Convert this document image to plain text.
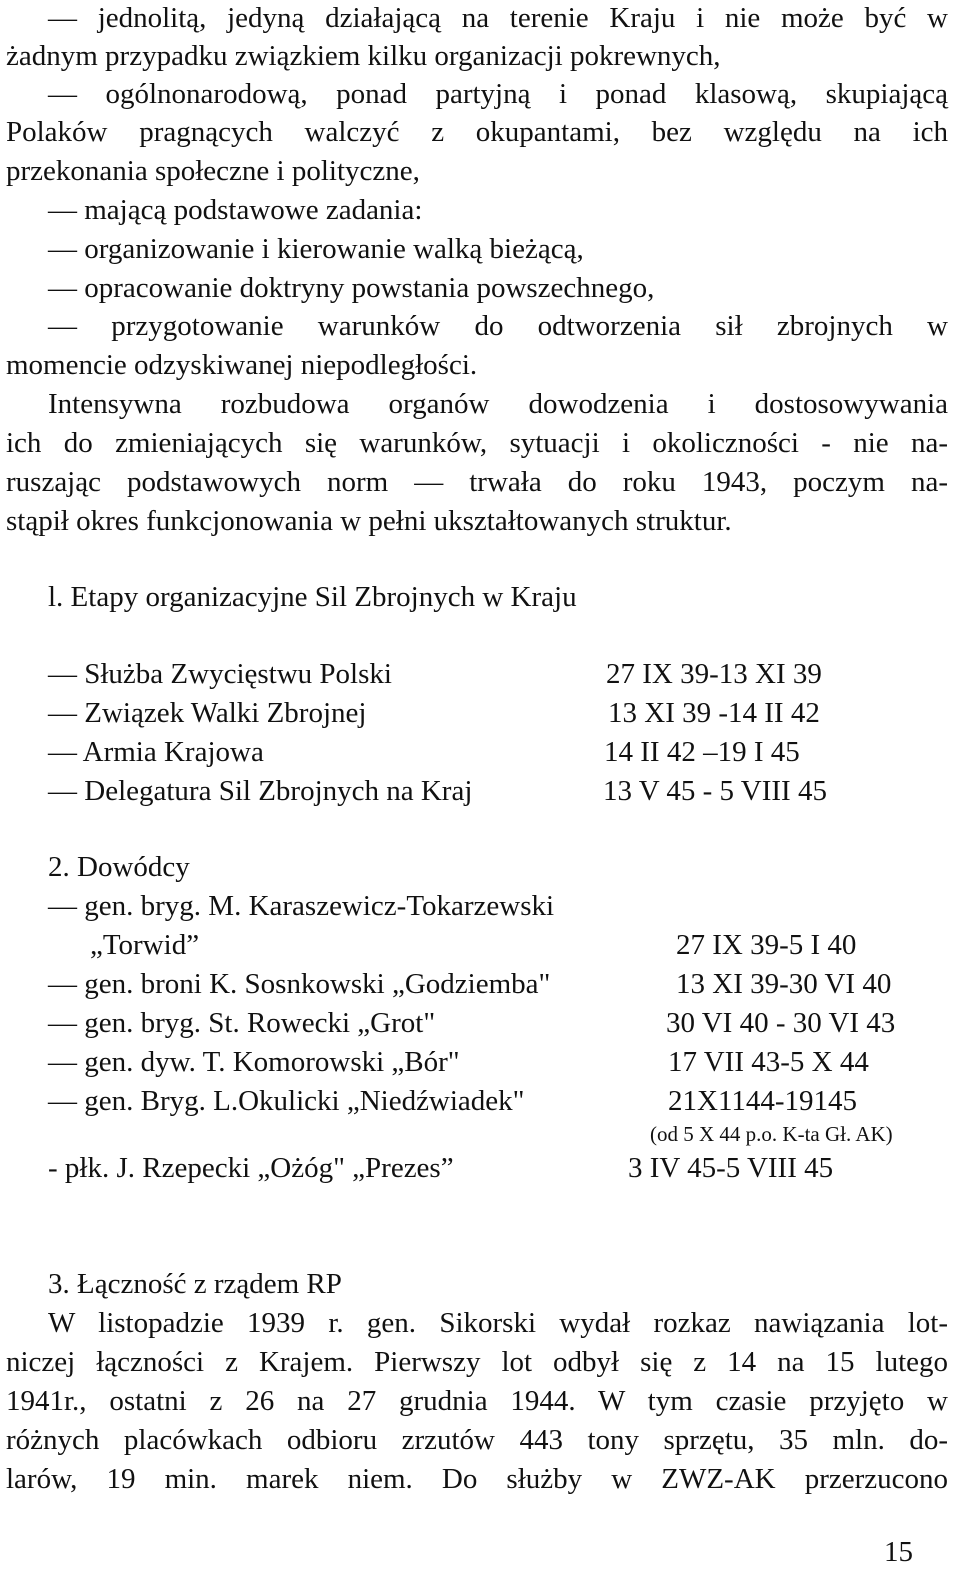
— jednolitą, jedyną działającą na terenie Kraju i nie może być w
żadnym przypadku związkiem kilku organizacji pokrewnych,
— ogólnonarodową, ponad partyjną i ponad klasową, skupiającą
Polaków pragnących walczyć z okupantami, bez względu na ich
przekonania społeczne i polityczne,
— mającą podstawowe zadania:
— organizowanie i kierowanie walką bieżącą,
— opracowanie doktryny powstania powszechnego,
— przygotowanie warunków do odtworzenia sił zbrojnych w
momencie odzyskiwanej niepodległości.
Intensywna rozbudowa organów dowodzenia i dostosowywania
ich do zmieniających się warunków, sytuacji i okoliczności - nie na-
ruszając podstawowych norm — trwała do roku 1943, poczym na-
stąpił okres funkcjonowania w pełni ukształtowanych struktur.
l. Etapy organizacyjne Sil Zbrojnych w Kraju
— Służba Zwycięstwu Polski	27 IX 39-13 XI 39
— Związek Walki Zbrojnej	13 XI 39 -14 II 42
— Armia Krajowa	14 II 42 –19 I 45
— Delegatura Sil Zbrojnych na Kraj	13 V 45 - 5 VIII 45
2. Dowódcy
— gen. bryg. M. Karaszewicz-Tokarzewski
„Torwid”	27 IX 39-5 I 40
— gen. broni K. Sosnkowski „Godziemba"	13 XI 39-30 VI 40
— gen. bryg. St. Rowecki „Grot"	30 VI 40 - 30 VI 43
— gen. dyw. T. Komorowski „Bór"	17 VII 43-5 X 44
— gen. Bryg. L.Okulicki „Niedźwiadek"	21X1144-19145
(od 5 X 44 p.o. K-ta Gł. AK)
- płk. J. Rzepecki „Ożóg" „Prezes”	3 IV 45-5 VIII 45
3. Łączność z rządem RP
W listopadzie 1939 r. gen. Sikorski wydał rozkaz nawiązania lot-
niczej łączności z Krajem. Pierwszy lot odbył się z 14 na 15 lutego
1941r., ostatni z 26 na 27 grudnia 1944. W tym czasie przyjęto w
różnych placówkach odbioru zrzutów 443 tony sprzętu, 35 mln. do-
larów, 19 min. marek niem. Do służby w ZWZ-AK przerzucono
15
